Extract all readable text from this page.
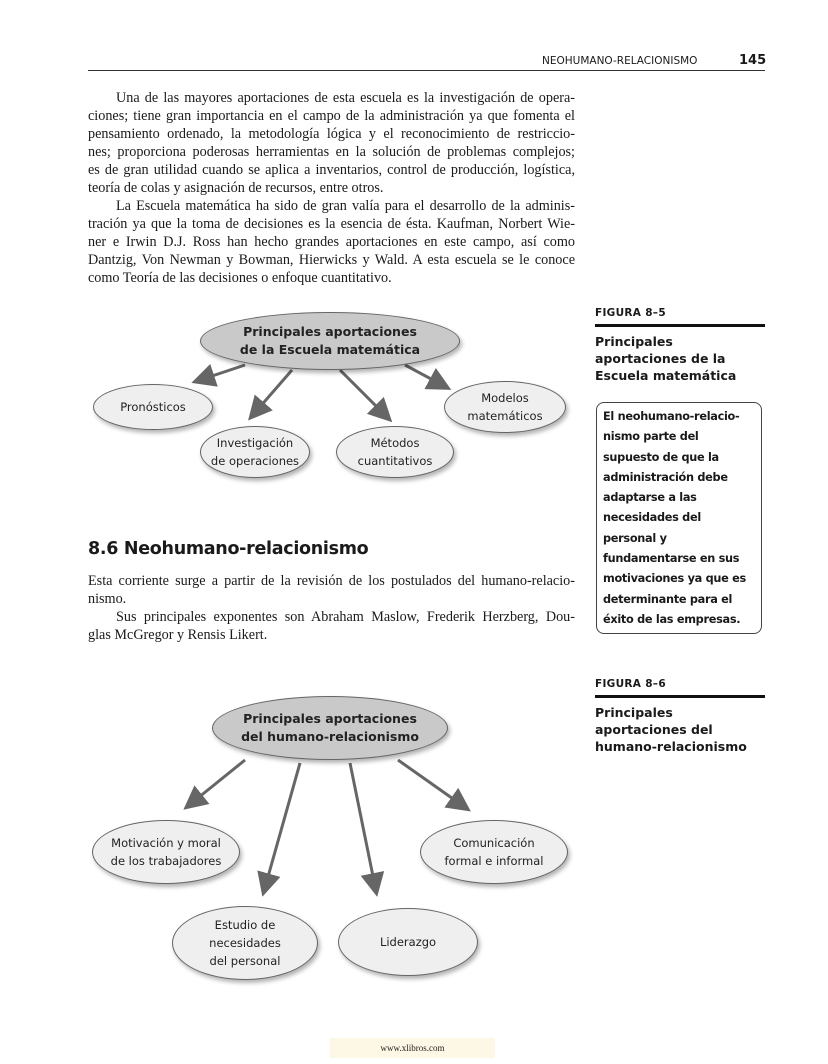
NEOHUMANO-RELACIONISMO	145
Una de las mayores aportaciones de esta escuela es la investigación de opera-
ciones; tiene gran importancia en el campo de la administración ya que fomenta el
pensamiento ordenado, la metodología lógica y el reconocimiento de restriccio-
nes; proporciona poderosas herramientas en la solución de problemas complejos;
es de gran utilidad cuando se aplica a inventarios, control de producción, logística,
teoría de colas y asignación de recursos, entre otros.
La Escuela matemática ha sido de gran valía para el desarrollo de la adminis-
tración ya que la toma de decisiones es la esencia de ésta. Kaufman, Norbert Wie-
ner e Irwin D.J. Ross han hecho grandes aportaciones en este campo, así como
Dantzig, Von Newman y Bowman, Hierwicks y Wald. A esta escuela se le conoce
como Teoría de las decisiones o enfoque cuantitativo.
Principales aportaciones
de la Escuela matemática
Pronósticos
Investigación
de operaciones
Métodos
cuantitativos
Modelos
matemáticos
8.6 Neohumano-relacionismo
Esta corriente surge a partir de la revisión de los postulados del humano-relacio-
nismo.
Sus principales exponentes son Abraham Maslow, Frederik Herzberg, Dou-
glas McGregor y Rensis Likert.
FIGURA 8–5
Principales aportaciones de la Escuela matemática
El neohumano-relacio-nismo parte del supuesto de que la administración debe adaptarse a las necesidades del personal y fundamentarse en sus motivaciones ya que es determinante para el éxito de las empresas.
FIGURA 8–6
Principales aportaciones del humano-relacionismo
Principales aportaciones
del humano-relacionismo
Motivación y moral
de los trabajadores
Estudio de
necesidades
del personal
Liderazgo
Comunicación
formal e informal
www.xlibros.com
